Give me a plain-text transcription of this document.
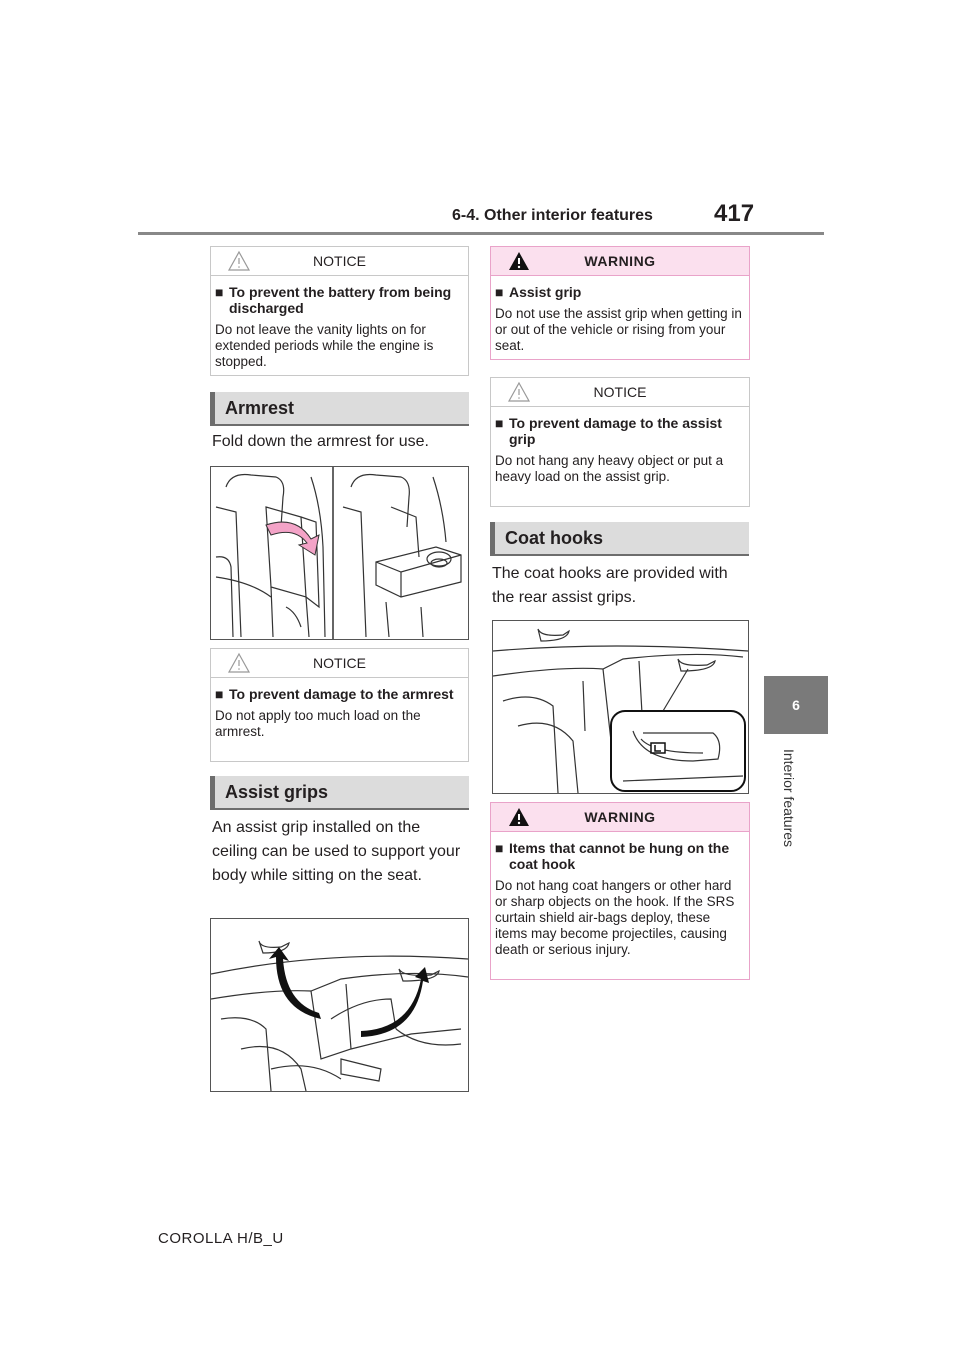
6-4. Other interior features	417
6
Interior features
NOTICE
■ To prevent the battery from being discharged
Do not leave the vanity lights on for extended periods while the engine is stopped.
Armrest
Fold down the armrest for use.
NOTICE
■ To prevent damage to the armrest
Do not apply too much load on the armrest.
Assist grips
An assist grip installed on the ceiling can be used to support your body while sitting on the seat.
WARNING
■ Assist grip
Do not use the assist grip when getting in or out of the vehicle or rising from your seat.
NOTICE
■ To prevent damage to the assist grip
Do not hang any heavy object or put a heavy load on the assist grip.
Coat hooks
The coat hooks are provided with the rear assist grips.
WARNING
■ Items that cannot be hung on the coat hook
Do not hang coat hangers or other hard or sharp objects on the hook. If the SRS curtain shield air-bags deploy, these items may become projectiles, causing death or serious injury.
COROLLA H/B_U
